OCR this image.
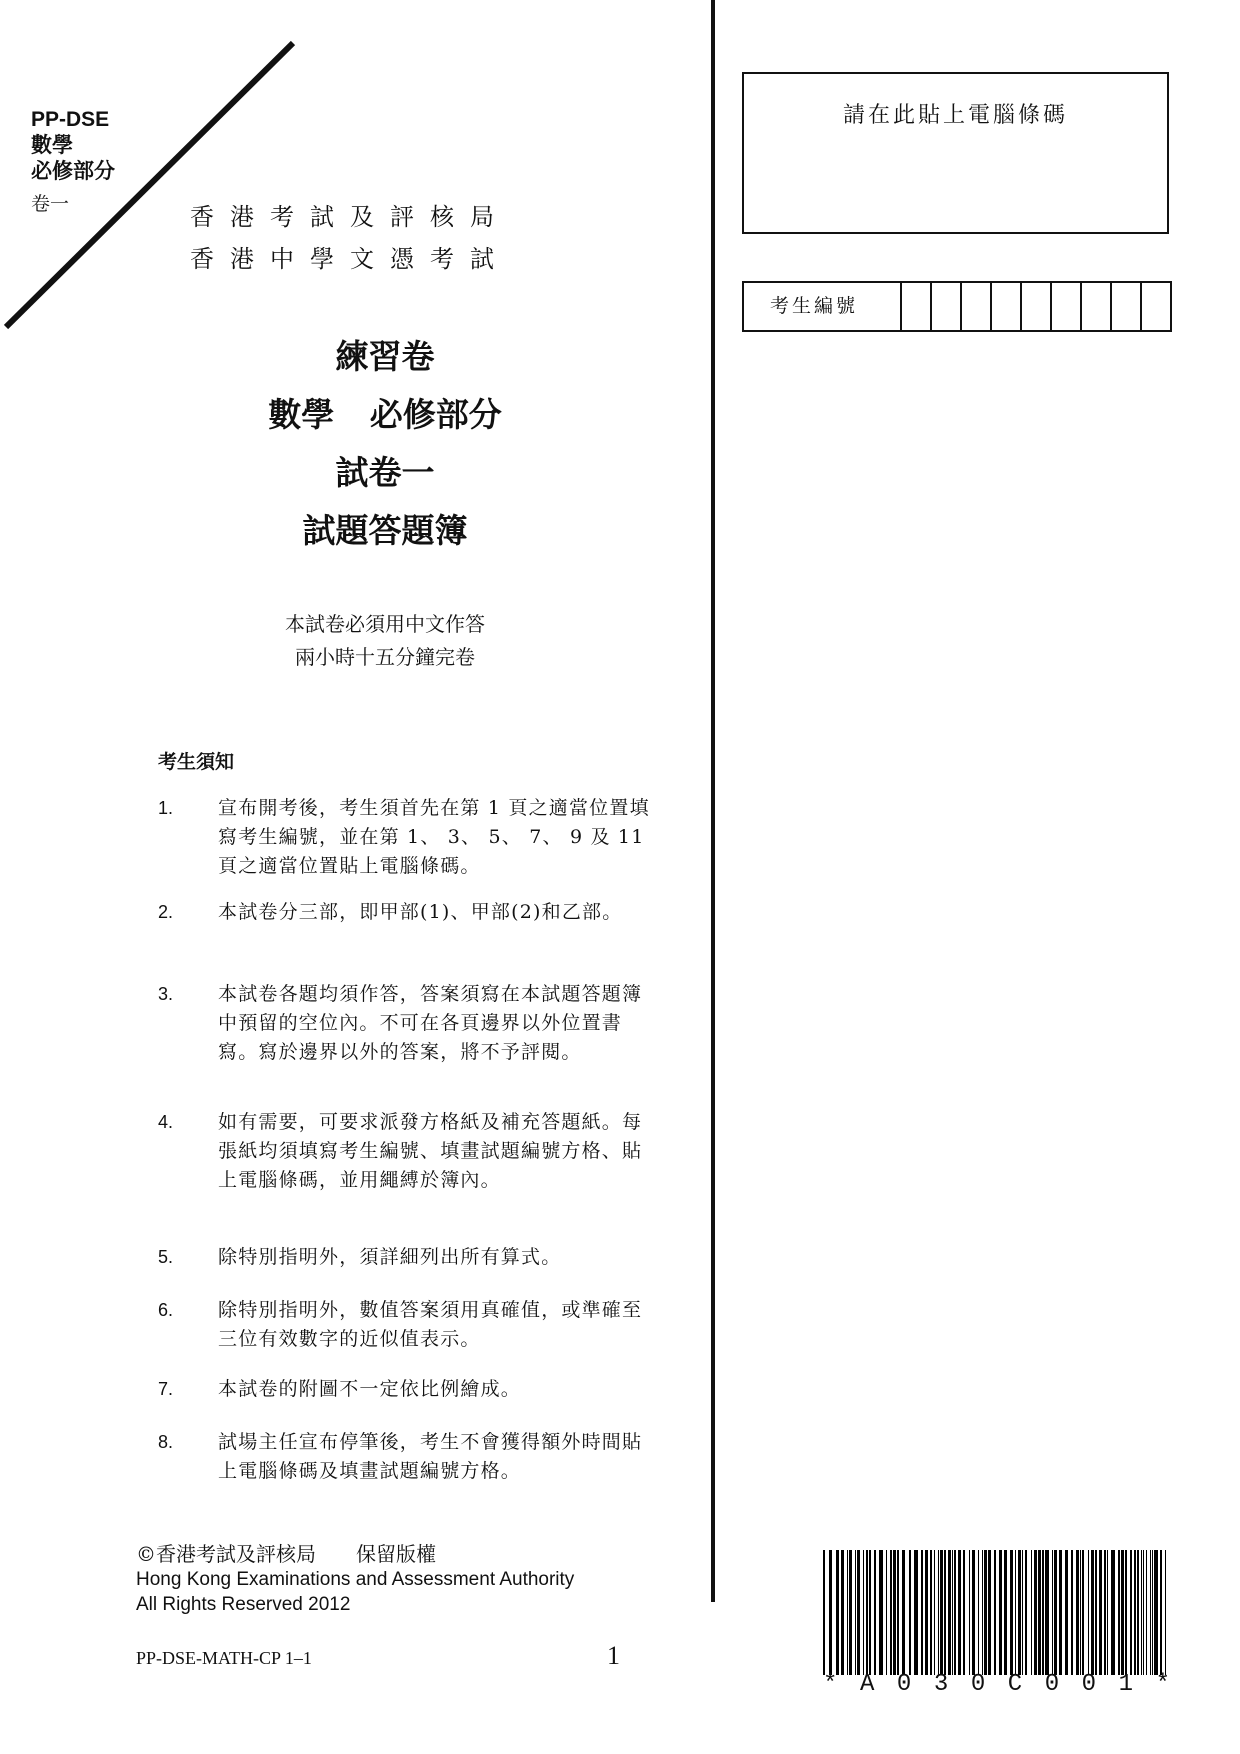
PP-DSE
數學
必修部分
卷一	香港考試及評核局
香港中學文憑考試
練習卷
數學 必修部分
試卷一
試題答題簿
本試卷必須用中文作答
兩小時十五分鐘完卷
考生須知
1. 宣布開考後，考生須首先在第 1 頁之適當位置填寫考生編號，並在第 1、 3、 5、 7、 9 及 11 頁之適當位置貼上電腦條碼。
2. 本試卷分三部，即甲部(1)、甲部(2)和乙部。
3. 本試卷各題均須作答，答案須寫在本試題答題簿中預留的空位內。不可在各頁邊界以外位置書寫。寫於邊界以外的答案，將不予評閱。
4. 如有需要，可要求派發方格紙及補充答題紙。每張紙均須填寫考生編號、填畫試題編號方格、貼上電腦條碼，並用繩縛於簿內。
5. 除特別指明外，須詳細列出所有算式。
6. 除特別指明外，數值答案須用真確值，或準確至三位有效數字的近似值表示。
7. 本試卷的附圖不一定依比例繪成。
8. 試場主任宣布停筆後，考生不會獲得額外時間貼上電腦條碼及填畫試題編號方格。
©香港考試及評核局　　保留版權
Hong Kong Examinations and Assessment Authority
All Rights Reserved 2012
PP-DSE-MATH-CP 1–1	1
請在此貼上電腦條碼
考生編號
* A 0 3 0 C 0 0 1 *
